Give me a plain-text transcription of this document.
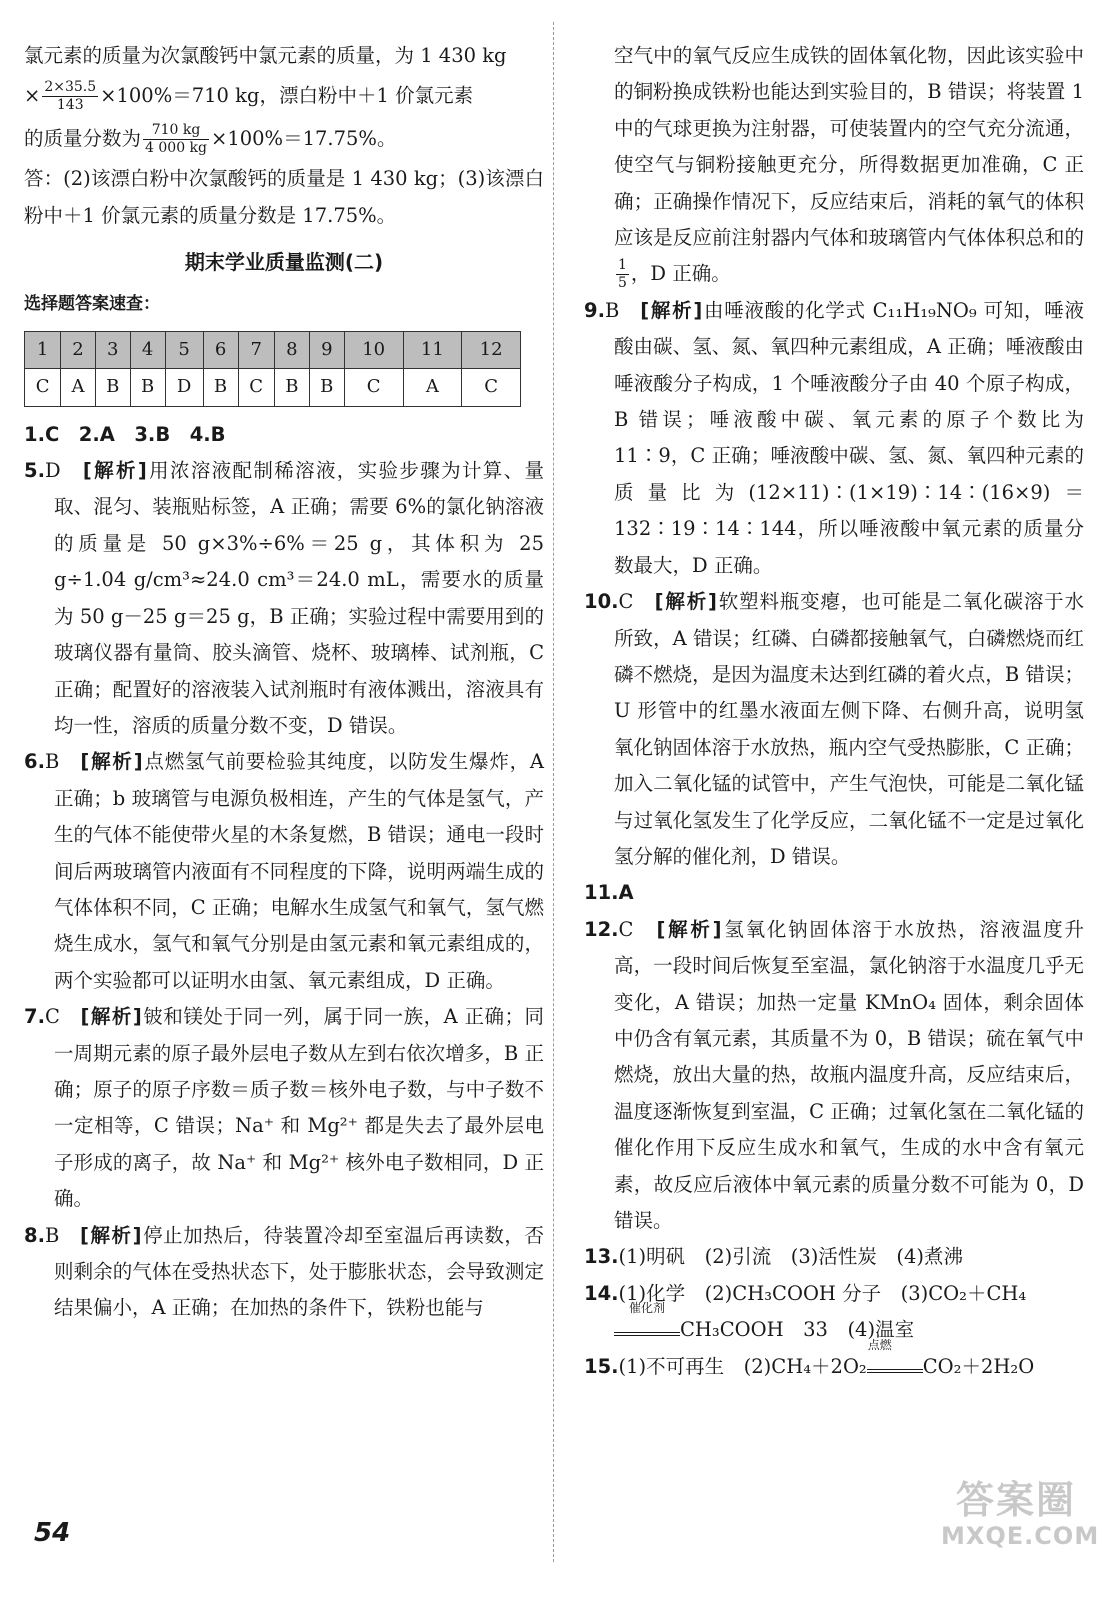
氯元素的质量为次氯酸钙中氯元素的质量，为 1 430 kg

× $\frac{2\times 35.5}{143} \times 100\%=710$ kg，漂白粉中＋1 价氯元素

的质量分数为 $\frac{710 kg}{4 000 kg} \times 100\%=17.75\%$。

答：(2)该漂白粉中次氯酸钙的质量是 1 430 kg；(3)该漂白粉中＋1 价氯元素的质量分数是 17.75%。

期末学业质量监测(二)
选择题答案速查：
1	2	3	4	5	6	7	8	9	10	11	12
C	A	B	B	D	B	C	B	B	C	A	C

1.C　2.A　3.B　4.B

5.D　[解析]用浓溶液配制稀溶液，实验步骤为计算、量取、混匀、装瓶贴标签，A 正确；需要 6%的氯化钠溶液的质量是 50 g×3%÷6%＝25 g，其体积为 25 g÷1.04 g/cm³≈24.0 cm³＝24.0 mL，需要水的质量为 50 g－25 g＝25 g，B 正确；实验过程中需要用到的玻璃仪器有量筒、胶头滴管、烧杯、玻璃棒、试剂瓶，C 正确；配置好的溶液装入试剂瓶时有液体溅出，溶液具有均一性，溶质的质量分数不变，D 错误。

6.B　[解析]点燃氢气前要检验其纯度，以防发生爆炸，A 正确；b 玻璃管与电源负极相连，产生的气体是氢气，产生的气体不能使带火星的木条复燃，B 错误；通电一段时间后两玻璃管内液面有不同程度的下降，说明两端生成的气体体积不同，C 正确；电解水生成氢气和氧气，氢气燃烧生成水，氢气和氧气分别是由氢元素和氧元素组成的，两个实验都可以证明水由氢、氧元素组成，D 正确。

7.C　[解析]铍和镁处于同一列，属于同一族，A 正确；同一周期元素的原子最外层电子数从左到右依次增多，B 正确；原子的原子序数＝质子数＝核外电子数，与中子数不一定相等，C 错误；Na⁺ 和 Mg²⁺ 都是失去了最外层电子形成的离子，故 Na⁺ 和 Mg²⁺ 核外电子数相同，D 正确。

8.B　[解析]停止加热后，待装置冷却至室温后再读数，否则剩余的气体在受热状态下，处于膨胀状态，会导致测定结果偏小，A 正确；在加热的条件下，铁粉也能与

空气中的氧气反应生成铁的固体氧化物，因此该实验中的铜粉换成铁粉也能达到实验目的，B 错误；将装置 1 中的气球更换为注射器，可使装置内的空气充分流通，使空气与铜粉接触更充分，所得数据更加准确，C 正确；正确操作情况下，反应结束后，消耗的氧气的体积应该是反应前注射器内气体和玻璃管内气体体积总和的
$\frac{1}{5}$ ，D 正确。

9.B　[解析]由唾液酸的化学式 C₁₁H₁₉NO₉ 可知，唾液酸由碳、氢、氮、氧四种元素组成，A 正确；唾液酸由唾液酸分子构成，1 个唾液酸分子由 40 个原子构成，B 错误；唾液酸中碳、氧元素的原子个数比为 11∶9，C 正确；唾液酸中碳、氢、氮、氧四种元素的质量比为(12×11)∶(1×19)∶14∶(16×9)＝132∶19∶14∶144，所以唾液酸中氧元素的质量分数最大，D 正确。

10.C　[解析]软塑料瓶变瘪，也可能是二氧化碳溶于水所致，A 错误；红磷、白磷都接触氧气，白磷燃烧而红磷不燃烧，是因为温度未达到红磷的着火点，B 错误；U 形管中的红墨水液面左侧下降、右侧升高，说明氢氧化钠固体溶于水放热，瓶内空气受热膨胀，C 正确；加入二氧化锰的试管中，产生气泡快，可能是二氧化锰与过氧化氢发生了化学反应，二氧化锰不一定是过氧化氢分解的催化剂，D 错误。

11.A

12.C　[解析]氢氧化钠固体溶于水放热，溶液温度升高，一段时间后恢复至室温，氯化钠溶于水温度几乎无变化，A 错误；加热一定量 KMnO₄ 固体，剩余固体中仍含有氧元素，其质量不为 0，B 错误；硫在氧气中燃烧，放出大量的热，故瓶内温度升高，反应结束后，温度逐渐恢复到室温，C 正确；过氧化氢在二氧化锰的催化作用下反应生成水和氧气，生成的水中含有氧元素，故反应后液体中氧元素的质量分数不可能为 0，D 错误。

13.(1)明矾　(2)引流　(3)活性炭　(4)煮沸

14.(1)化学　(2)CH₃COOH 分子　(3)CO₂＋CH₄

催化剂
CH₃COOH　33　(4)温室

15.(1)不可再生　(2)CH₄＋2O₂
点燃
CO₂＋2H₂O

54
答案圈
MXQE.COM
